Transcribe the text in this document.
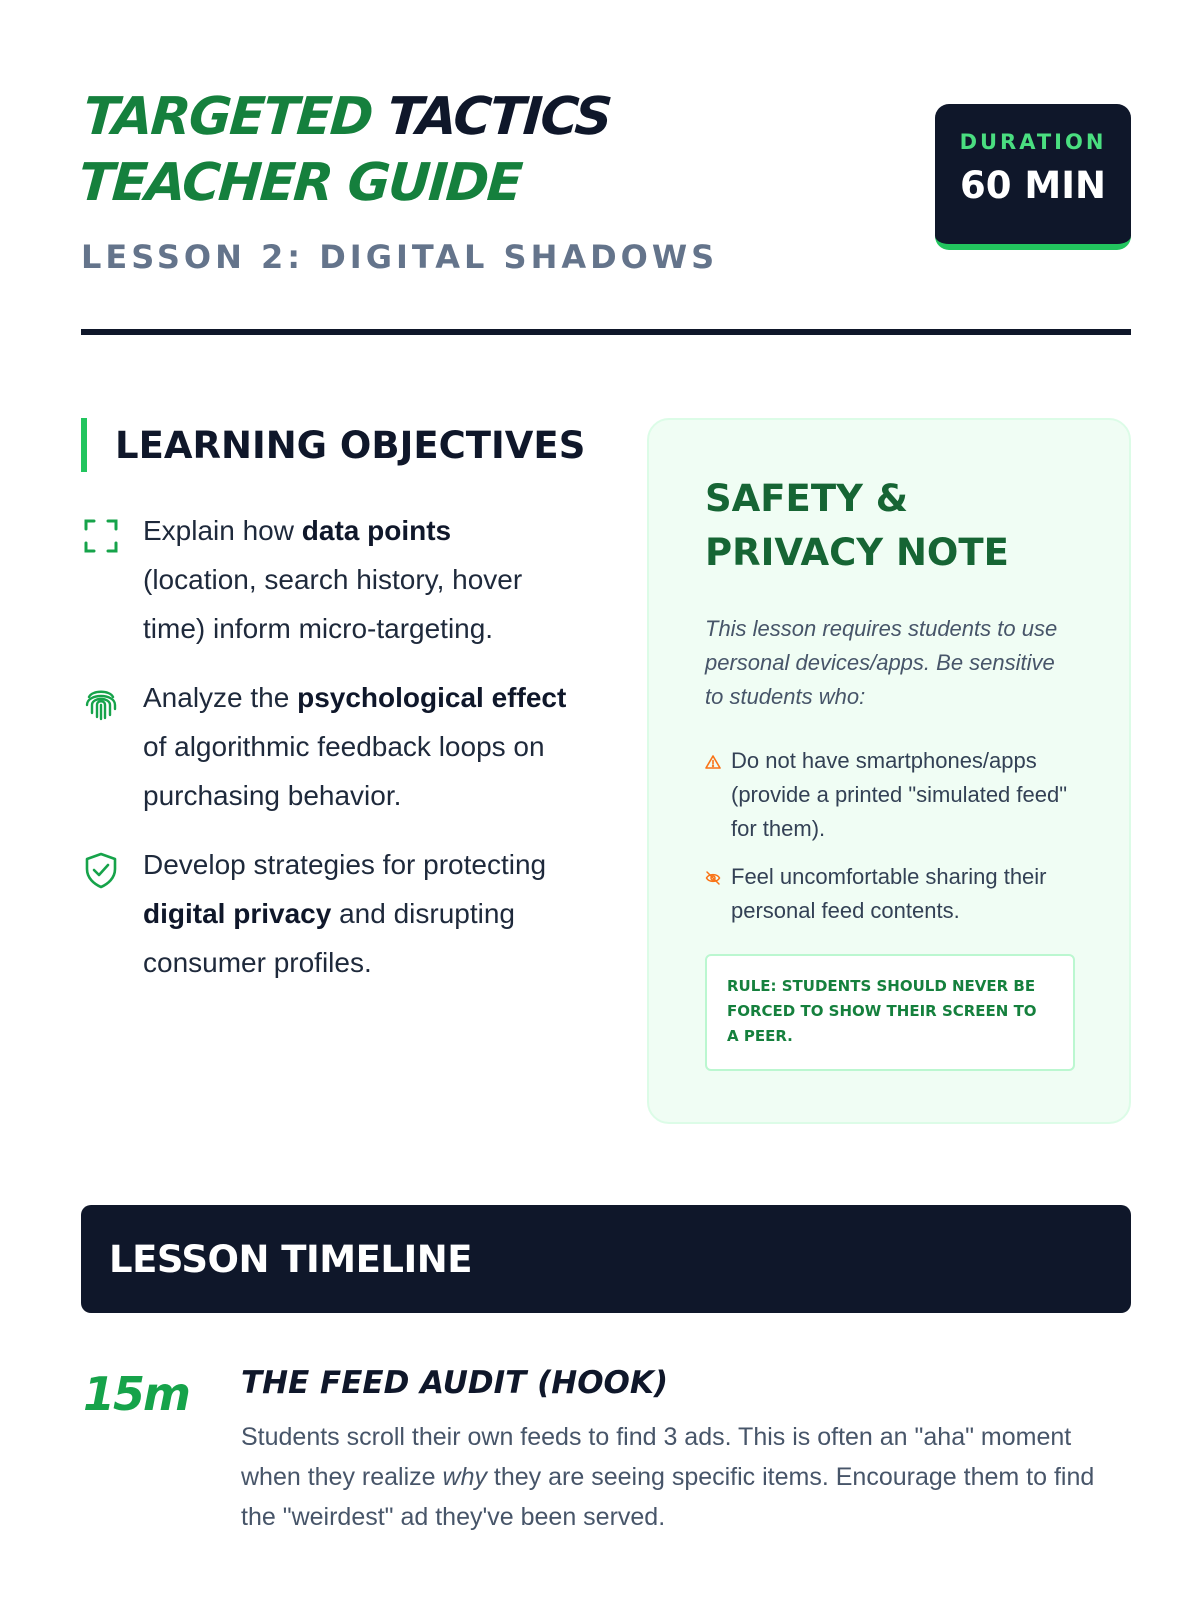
TARGETED TACTICS
TEACHER GUIDE
LESSON 2: DIGITAL SHADOWS
DURATION
60 MIN
LEARNING OBJECTIVES

Explain how data points (location, search history, hover time) inform micro-targeting.

Analyze the psychological effect of algorithmic feedback loops on purchasing behavior.

Develop strategies for protecting digital privacy and disrupting consumer profiles.

SAFETY & PRIVACY NOTE

This lesson requires students to use personal devices/apps. Be sensitive to students who:

Do not have smartphones/apps (provide a printed "simulated feed" for them).
Feel uncomfortable sharing their personal feed contents.
RULE: STUDENTS SHOULD NEVER BE FORCED TO SHOW THEIR SCREEN TO A PEER.
LESSON TIMELINE
15m THE FEED AUDIT (HOOK)

Students scroll their own feeds to find 3 ads. This is often an "aha" moment when they realize why they are seeing specific items. Encourage them to find the "weirdest" ad they've been served.
